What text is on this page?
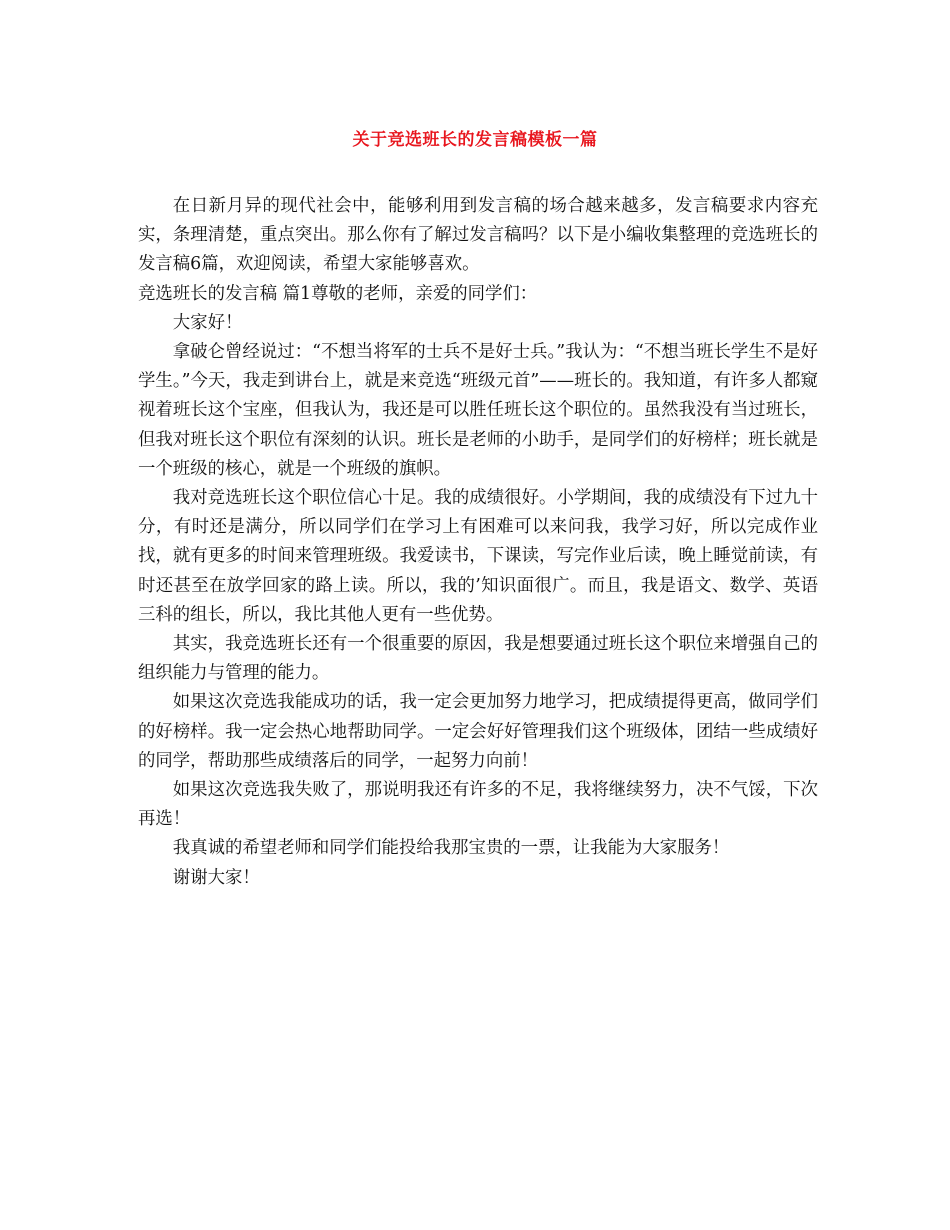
关于竞选班长的发言稿模板一篇

在日新月异的现代社会中，能够利用到发言稿的场合越来越多，发言稿要求内容充实，条理清楚，重点突出。那么你有了解过发言稿吗？以下是小编收集整理的竞选班长的发言稿6篇，欢迎阅读，希望大家能够喜欢。

竞选班长的发言稿 篇1尊敬的老师，亲爱的同学们：

大家好！

拿破仑曾经说过：“不想当将军的士兵不是好士兵。”我认为：“不想当班长学生不是好学生。”今天，我走到讲台上，就是来竞选“班级元首”——班长的。我知道，有许多人都窥视着班长这个宝座，但我认为，我还是可以胜任班长这个职位的。虽然我没有当过班长，但我对班长这个职位有深刻的认识。班长是老师的小助手，是同学们的好榜样；班长就是一个班级的核心，就是一个班级的旗帜。

我对竞选班长这个职位信心十足。我的成绩很好。小学期间，我的成绩没有下过九十分，有时还是满分，所以同学们在学习上有困难可以来问我，我学习好，所以完成作业找，就有更多的时间来管理班级。我爱读书，下课读，写完作业后读，晚上睡觉前读，有时还甚至在放学回家的路上读。所以，我的’知识面很广。而且，我是语文、数学、英语三科的组长，所以，我比其他人更有一些优势。

其实，我竞选班长还有一个很重要的原因，我是想要通过班长这个职位来增强自己的组织能力与管理的能力。

如果这次竞选我能成功的话，我一定会更加努力地学习，把成绩提得更高，做同学们的好榜样。我一定会热心地帮助同学。一定会好好管理我们这个班级体，团结一些成绩好的同学，帮助那些成绩落后的同学，一起努力向前！

如果这次竞选我失败了，那说明我还有许多的不足，我将继续努力，决不气馁，下次再选！

我真诚的希望老师和同学们能投给我那宝贵的一票，让我能为大家服务！

谢谢大家！
